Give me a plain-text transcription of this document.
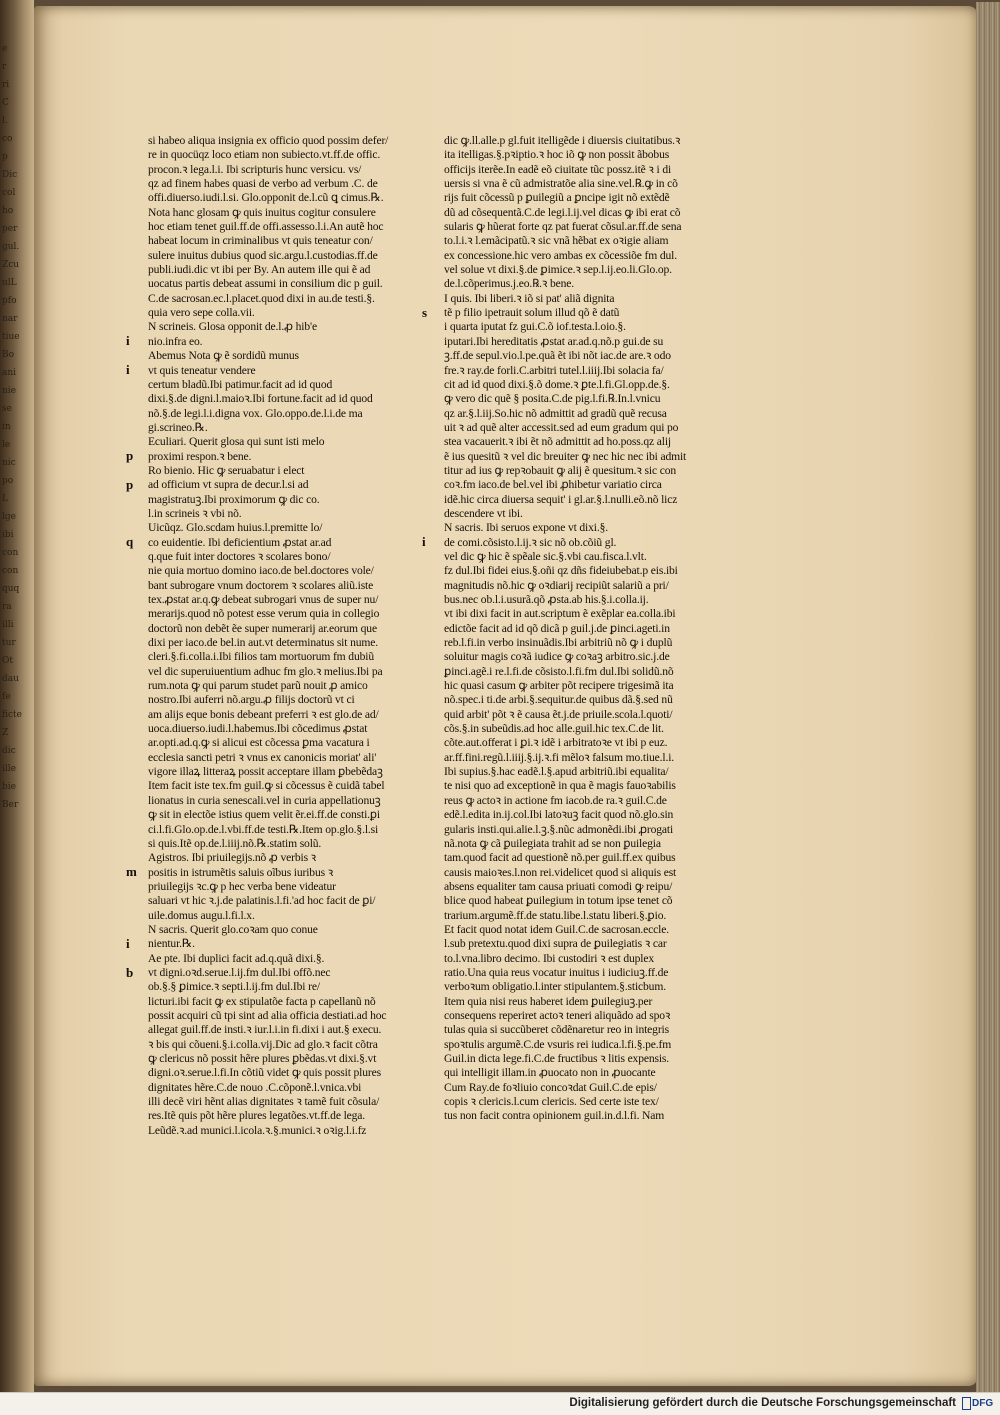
e
r
ri
C
l.
co
p
Dic
col
ho
per
gul.
Zcu
ulL
pfo
nar
tiue
Bo
ani
nie
se
in
le
nic
po
L
lge
ibi
con
con
quq
ra
illi
tur
Ot
dau
fe
ficte
Z
dic
ille
bie
Ber
si habeo aliqua insignia ex officio quod possim defer/
re in quocüqz loco etiam non subiecto.vt.ff.de offic.
procon.ꝛ lega.l.i. Ibi scripturis hunc versicu. vs/
qz ad finem habes quasi de verbo ad verbum .C. de
offi.diuerso.iudi.l.si. Glo.opponit de.l.cũ ꝗ cimus.℞.
Nota hanc glosam ꝙ quis inuitus cogitur consulere
hoc etiam tenet guil.ff.de offi.assesso.l.i.An autẽ hoc
habeat locum in criminalibus vt quis teneatur con/
sulere inuitus dubius quod sic.argu.l.custodias.ff.de
publi.iudi.dic vt ibi per By. An autem ille qui ẽ ad
uocatus partis debeat assumi in consilium dic p guil.
C.de sacrosan.ec.l.placet.quod dixi in au.de testi.§.
quia vero sepe colla.vii.
i
N scrineis. Glosa opponit de.l.ꝓ hib'e
nio.infra eo.
i
Abemus Nota ꝙ ẽ sordidũ munus
vt quis teneatur vendere
certum bladũ.Ibi patimur.facit ad id quod
dixi.§.de digni.l.maioꝛ.Ibi fortune.facit ad id quod
nõ.§.de legi.l.i.digna vox. Glo.oppo.de.l.i.de ma
gi.scrineo.℞.
p
Eculiari. Querit glosa qui sunt isti melo
proximi respon.ꝛ bene.
p
Ro bienio. Hic ꝙ seruabatur i elect
ad officium vt supra de decur.l.si ad
magistratuꝫ.Ibi proximorum ꝙ dic co.
l.in scrineis ꝛ vbi nõ.
q
Uicũqz. Glo.scdam huius.l.premitte lo/
co euidentie. Ibi deficientium ꝓstat ar.ad
q.que fuit inter doctores ꝛ scolares bono/
nie quia mortuo domino iaco.de bel.doctores vole/
bant subrogare vnum doctorem ꝛ scolares aliũ.iste
tex.ꝓstat ar.q.ꝙ debeat subrogari vnus de super nu/
merarijs.quod nõ potest esse verum quia in collegio
doctorũ non debẽt ẽe super numerarij ar.eorum que
dixi per iaco.de bel.in aut.vt determinatus sit nume.
cleri.§.fi.colla.i.Ibi filios tam mortuorum fm dubiũ
vel dic superuiuentium adhuc fm glo.ꝛ melius.Ibi pa
rum.nota ꝙ qui parum studet parũ nouit ꝓ amico
nostro.Ibi auferri nõ.argu.ꝓ filijs doctorũ vt ci
am alijs eque bonis debeant preferri ꝛ est glo.de ad/
uoca.diuerso.iudi.l.habemus.Ibi cõcedimus ꝓstat
ar.opti.ad.q.ꝙ si alicui est cõcessa ꝑma vacatura i
ecclesia sancti petri ꝛ vnus ex canonicis moriat' ali'
vigore illaꝝ litteraꝝ possit acceptare illam ꝑbebẽdaꝫ
Item facit iste tex.fm guil.ꝙ si cõcessus ẽ cuidã tabel
lionatus in curia senescali.vel in curia appellationuꝫ
ꝙ sit in electõe istius quem velit ẽr.ei.ff.de consti.ꝑi
ci.l.fi.Glo.op.de.l.vbi.ff.de testi.℞.Item op.glo.§.l.si
si quis.Itẽ op.de.l.iiij.nõ.℞.statim solũ.
m
Agistros. Ibi priuilegijs.nõ ꝓ verbis ꝛ
positis in istrumẽtis saluis oĩbus iuribus ꝛ
priuilegijs ꝛc.ꝙ p hec verba bene videatur
saluari vt hic ꝛ.j.de palatinis.l.fi.'ad hoc facit de ꝑi/
uile.domus augu.l.fi.l.x.
i
N sacris. Querit glo.coꝛam quo conue
nientur.℞.
b
Ae pte. Ibi duplici facit ad.q.quã dixi.§.
vt digni.oꝛd.serue.l.ij.fm dul.Ibi offõ.nec
ob.§.§ ꝑimice.ꝛ septi.l.ij.fm dul.Ibi re/
licturi.ibi facit ꝙ ex stipulatõe facta p capellanũ nõ
possit acquiri cũ tpi sint ad alia officia destiati.ad hoc
allegat guil.ff.de insti.ꝛ iur.l.i.in fi.dixi i aut.§ execu.
ꝛ bis qui cõueni.§.i.colla.vij.Dic ad glo.ꝛ facit cõtra
ꝙ clericus nõ possit hẽre plures ꝑbẽdas.vt dixi.§.vt
digni.oꝛ.serue.l.fi.In cõtiũ videt ꝙ quis possit plures
dignitates hẽre.C.de nouo .C.cõponẽ.l.vnica.vbi
illi decẽ viri hẽnt alias dignitates ꝛ tamẽ fuit cõsula/
res.Itẽ quis põt hẽre plures legatões.vt.ff.de lega.
Leũdẽ.ꝛ.ad munici.l.icola.ꝛ.§.munici.ꝛ oꝛig.l.i.fz
dic ꝙ.ll.alle.p gl.fuit itelligẽde i diuersis ciuitatibus.ꝛ
ita itelligas.§.pꝛiptio.ꝛ hoc iõ ꝙ non possit ãbobus
officijs iterẽe.In eadẽ eõ ciuitate tũc possz.itẽ ꝛ i di
uersis si vna ẽ cũ admistratõe alia sine.vel.℞.ꝙ in cõ
rijs fuit cõcessũ p ꝑuilegiũ a ꝑncipe igit nõ extẽdẽ
dũ ad cõsequentã.C.de legi.l.ij.vel dicas ꝙ ibi erat cõ
sularis ꝙ hũerat forte qz pat fuerat cõsul.ar.ff.de sena
to.l.i.ꝛ l.emãcipatũ.ꝛ sic vnã hẽbat ex oꝛigie aliam
ex concessione.hic vero ambas ex cõcessiõe fm dul.
vel solue vt dixi.§.de ꝑimice.ꝛ sep.l.ij.eo.li.Glo.op.
de.l.cõperimus.j.eo.℞.ꝛ bene.
s
I quis. Ibi liberi.ꝛ iõ si pat' aliã dignita
tẽ p filio ipetrauit solum illud qõ ẽ datũ
i quarta iputat fz gui.C.õ iof.testa.l.oio.§.
iputari.Ibi hereditatis ꝓstat ar.ad.q.nõ.p gui.de su
ꝫ.ff.de sepul.vio.l.pe.quã ẽt ibi nõt iac.de are.ꝛ odo
fre.ꝛ ray.de forli.C.arbitri tutel.l.iiij.Ibi solacia fa/
cit ad id quod dixi.§.õ dome.ꝛ ꝑte.l.fi.Gl.opp.de.§.
ꝙ vero dic quẽ § posita.C.de pig.l.fi.℞.In.l.vnicu
qz ar.§.l.iij.So.hic nõ admittit ad gradũ quẽ recusa
uit ꝛ ad quẽ alter accessit.sed ad eum gradum qui po
stea vacauerit.ꝛ ibi ẽt nõ admittit ad ho.poss.qz alij
ẽ ius quesitũ ꝛ vel dic breuiter ꝙ nec hic nec ibi admit
titur ad ius ꝙ repꝛobauit ꝙ alij ẽ quesitum.ꝛ sic con
coꝛ.fm iaco.de bel.vel ibi ꝓhibetur variatio circa
idẽ.hic circa diuersa sequit' i gl.ar.§.l.nulli.eõ.nõ licz
descendere vt ibi.
i
N sacris. Ibi seruos expone vt dixi.§.
de comi.cõsisto.l.ij.ꝛ sic nõ ob.cõiũ gl.
vel dic ꝙ hic ẽ spẽale sic.§.vbi cau.fisca.l.vlt.
fz dul.Ibi fidei eius.§.oñi qz dñs fideiubebat.p eis.ibi
magnitudis nõ.hic ꝙ oꝛdiarij recipiũt salariũ a pri/
bus.nec ob.l.i.usurã.qõ ꝓsta.ab his.§.i.colla.ij.
vt ibi dixi facit in aut.scriptum ẽ exẽplar ea.colla.ibi
edictõe facit ad id qõ dicã p guil.j.de ꝑinci.ageti.in
reb.l.fi.in verbo insinuãdis.Ibi arbitriũ nõ ꝙ i duplũ
soluitur magis coꝛã iudice ꝙ coꝛaꝫ arbitro.sic.j.de
ꝑinci.agẽ.i re.l.fi.de cõsisto.l.fi.fm dul.Ibi solidũ.nõ
hic quasi casum ꝙ arbiter põt recipere trigesimã ita
nõ.spec.i ti.de arbi.§.sequitur.de quibus dã.§.sed nũ
quid arbit' põt ꝛ ẽ causa ẽt.j.de priuile.scola.l.quoti/
cõs.§.in subeũdis.ad hoc alle.guil.hic tex.C.de lit.
cõte.aut.offerat i ꝑi.ꝛ idẽ i arbitratoꝛe vt ibi p euz.
ar.ff.fini.regũ.l.iiij.§.ij.ꝛ.fi mẽloꝛ falsum mo.tiue.l.i.
Ibi supius.§.hac eadẽ.l.§.apud arbitriũ.ibi equalita/
te nisi quo ad exceptionẽ in qua ẽ magis fauoꝛabilis
reus ꝙ actoꝛ in actione fm iacob.de ra.ꝛ guil.C.de
edẽ.l.edita in.ij.col.Ibi latoꝛuꝫ facit quod nõ.glo.sin
gularis insti.qui.alie.l.ꝫ.§.nũc admonẽdi.ibi ꝓrogati
nã.nota ꝙ cã ꝑuilegiata trahit ad se non ꝑuilegia
tam.quod facit ad questionẽ nõ.per guil.ff.ex quibus
causis maioꝛes.l.non rei.videlicet quod si aliquis est
absens equaliter tam causa priuati comodi ꝙ reipu/
blice quod habeat ꝑuilegium in totum ipse tenet cõ
trarium.argumẽ.ff.de statu.libe.l.statu liberi.§.ꝑio.
Et facit quod notat idem Guil.C.de sacrosan.eccle.
l.sub pretextu.quod dixi supra de ꝑuilegiatis ꝛ car
to.l.vna.libro decimo. Ibi custodiri ꝛ est duplex
ratio.Una quia reus vocatur inuitus i iudiciuꝫ.ff.de
verboꝛum obligatio.l.inter stipulantem.§.sticbum.
Item quia nisi reus haberet idem ꝑuilegiuꝫ.per
consequens reperiret actoꝛ teneri aliquãdo ad spoꝛ
tulas quia si succũberet cõdẽnaretur reo in integris
spoꝛtulis argumẽ.C.de vsuris rei iudica.l.fi.§.pe.fm
Guil.in dicta lege.fi.C.de fructibus ꝛ litis expensis.
qui intelligit illam.in ꝓuocato non in ꝓuocante
Cum Ray.de foꝛliuio concoꝛdat Guil.C.de epis/
copis ꝛ clericis.l.cum clericis. Sed certe iste tex/
tus non facit contra opinionem guil.in.d.l.fi. Nam
Digitalisierung gefördert durch die Deutsche Forschungsgemeinschaft DFG
